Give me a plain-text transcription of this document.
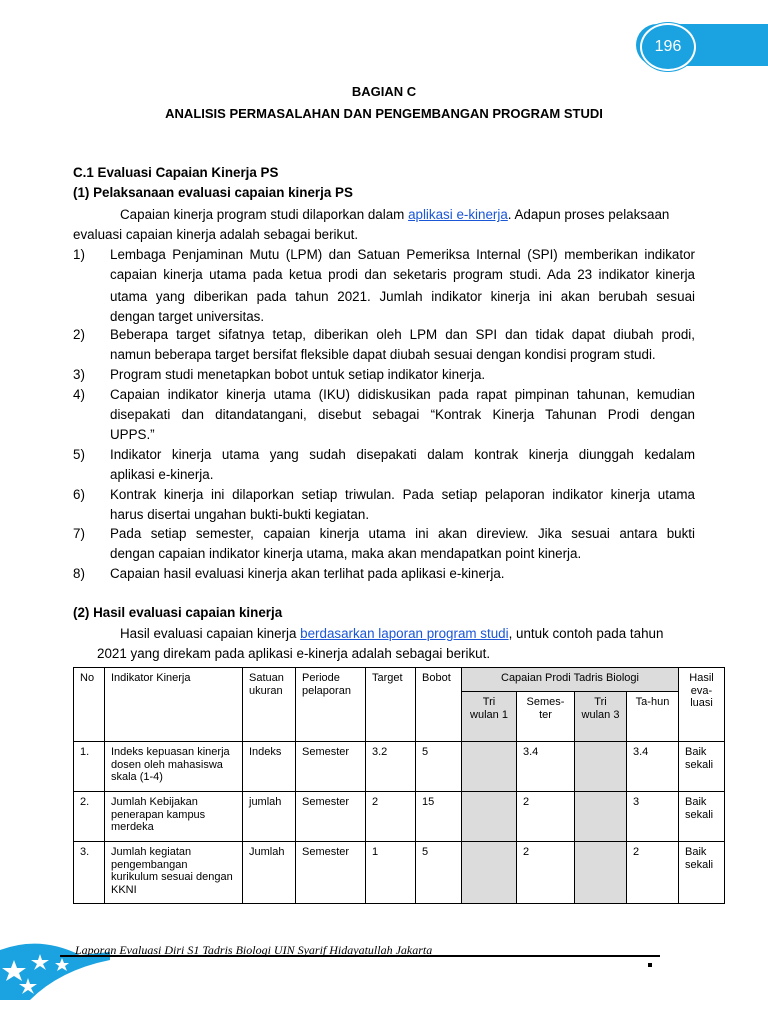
196
BAGIAN C
ANALISIS PERMASALAHAN DAN PENGEMBANGAN PROGRAM STUDI
C.1 Evaluasi Capaian Kinerja PS
(1) Pelaksanaan evaluasi capaian kinerja PS
Capaian kinerja program studi dilaporkan dalam aplikasi e-kinerja. Adapun proses pelaksaan
evaluasi capaian kinerja adalah sebagai berikut.
1) Lembaga Penjaminan Mutu (LPM) dan Satuan Pemeriksa Internal (SPI) memberikan indikator
capaian kinerja utama pada ketua prodi dan seketaris program studi. Ada 23 indikator kinerja
utama yang diberikan pada tahun 2021. Jumlah indikator kinerja ini akan berubah sesuai
dengan target universitas.
2) Beberapa target sifatnya tetap, diberikan oleh LPM dan SPI dan tidak dapat diubah prodi,
namun beberapa target bersifat fleksible dapat diubah sesuai dengan kondisi program studi.
3) Program studi menetapkan bobot untuk setiap indikator kinerja.
4) Capaian indikator kinerja utama (IKU) didiskusikan pada rapat pimpinan tahunan, kemudian
disepakati dan ditandatangani, disebut sebagai “Kontrak Kinerja Tahunan Prodi dengan
UPPS.”
5) Indikator kinerja utama yang sudah disepakati dalam kontrak kinerja diunggah kedalam
aplikasi e-kinerja.
6) Kontrak kinerja ini dilaporkan setiap triwulan. Pada setiap pelaporan indikator kinerja utama
harus disertai ungahan bukti-bukti kegiatan.
7) Pada setiap semester, capaian kinerja utama ini akan direview. Jika sesuai antara bukti
dengan capaian indikator kinerja utama, maka akan mendapatkan point kinerja.
8) Capaian hasil evaluasi kinerja akan terlihat pada aplikasi e-kinerja.
(2) Hasil evaluasi capaian kinerja
Hasil evaluasi capaian kinerja berdasarkan laporan program studi, untuk contoh pada tahun
2021 yang direkam pada aplikasi e-kinerja adalah sebagai berikut.
No	Indikator Kinerja	Satuan ukuran	Periode pelaporan	Target	Bobot	Capaian Prodi Tadris Biologi				Hasil eva-luasi
						Tri wulan 1	Semes-ter	Tri wulan 3	Ta-hun	
1.	Indeks kepuasan kinerja dosen oleh mahasiswa skala (1-4)	Indeks	Semester	3.2	5		3.4		3.4	Baik sekali
2.	Jumlah Kebijakan penerapan kampus merdeka	jumlah	Semester	2	15		2		3	Baik sekali
3.	Jumlah kegiatan pengembangan kurikulum sesuai dengan KKNI	Jumlah	Semester	1	5		2		2	Baik sekali
Laporan Evaluasi Diri S1 Tadris Biologi UIN Syarif Hidayatullah Jakarta
